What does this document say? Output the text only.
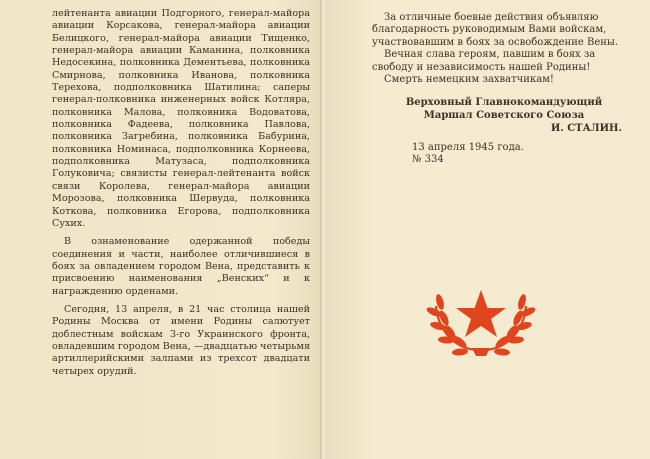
лейтенанта авиации Подгорного, генерал-майора авиации Корсакова, генерал-майора авиации Белицкого, генерал-майора авиации Тищенко, генерал-майора авиации Каманина, полковника Недосекина, полковника Дементьева, полковника Смирнова, полковника Иванова, полковника Терехова, подполковника Шатилина; саперы генерал-полковника инженерных войск Котляра, полковника Малова, полковника Водоватова, полковника Фадеева, полковника Павлова, полковника Загребина, полковника Бабурина, полковника Номинаса, подполковника Корнеева, подполковника Матузаса, подполковника Голуковича; связисты генерал-лейтенанта войск связи Королева, генерал-майора авиации Морозова, полковника Шервуда, полковника Коткова, полковника Егорова, подполковника Сухих.

В ознаменование одержанной победы соединения и части, наиболее отличившиеся в боях за овладением городом Вена, представить к присвоению наименования „Венских“ и к награждению орденами.

Сегодня, 13 апреля, в 21 час столица нашей Родины Москва от имени Родины салютует доблестным войскам 3-го Украинского фронта, овладевшим городом Вена, —двадцатью четырьмя артиллерийскими залпами из трехсот двадцати четырех орудий.

За отличные боевые действия объявляю благодарность руководимым Вами войскам, участвовавшим в боях за освобождение Вены.

Вечная слава героям, павшим в боях за свободу и независимость нашей Родины!

Смерть немецким захватчикам!

Верховный Главнокомандующий

Маршал Советского Союза

И. СТАЛИН.

13 апреля 1945 года.

№ 334
